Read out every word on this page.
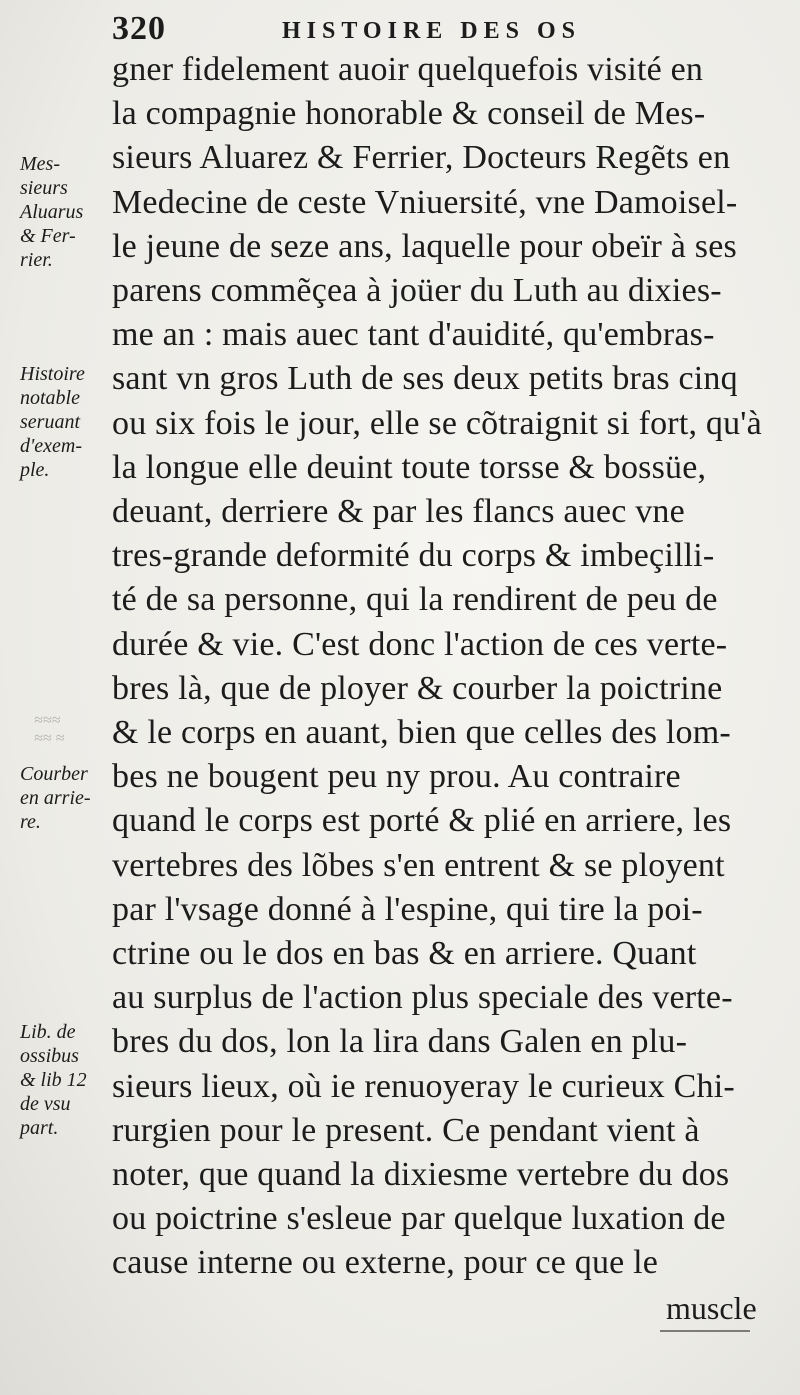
320	HISTOIRE DES OS
≈≈≈
≈≈ ≈
Mes-
sieurs
Aluarus
& Fer-
rier.
Histoire
notable
seruant
d'exem-
ple.
Courber
en arrie-
re.
Lib. de
ossibus
& lib 12
de vsu
part.
gner fidelement auoir quelquefois visité en
la compagnie honorable & conseil de Mes-
sieurs Aluarez & Ferrier, Docteurs Regẽts en
Medecine de ceste Vniuersité, vne Damoisel-
le jeune de seze ans, laquelle pour obeïr à ses
parens commẽçea à joüer du Luth au dixies-
me an : mais auec tant d'auidité, qu'embras-
sant vn gros Luth de ses deux petits bras cinq
ou six fois le jour, elle se cõtraignit si fort, qu'à
la longue elle deuint toute torsse & bossüe,
deuant, derriere & par les flancs auec vne
tres-grande deformité du corps & imbeçilli-
té de sa personne, qui la rendirent de peu de
durée & vie. C'est donc l'action de ces verte-
bres là, que de ployer & courber la poictrine
& le corps en auant, bien que celles des lom-
bes ne bougent peu ny prou. Au contraire
quand le corps est porté & plié en arriere, les
vertebres des lõbes s'en entrent & se ployent
par l'vsage donné à l'espine, qui tire la poi-
ctrine ou le dos en bas & en arriere. Quant
au surplus de l'action plus speciale des verte-
bres du dos, lon la lira dans Galen en plu-
sieurs lieux, où ie renuoyeray le curieux Chi-
rurgien pour le present. Ce pendant vient à
noter, que quand la dixiesme vertebre du dos
ou poictrine s'esleue par quelque luxation de
cause interne ou externe, pour ce que le
muscle
